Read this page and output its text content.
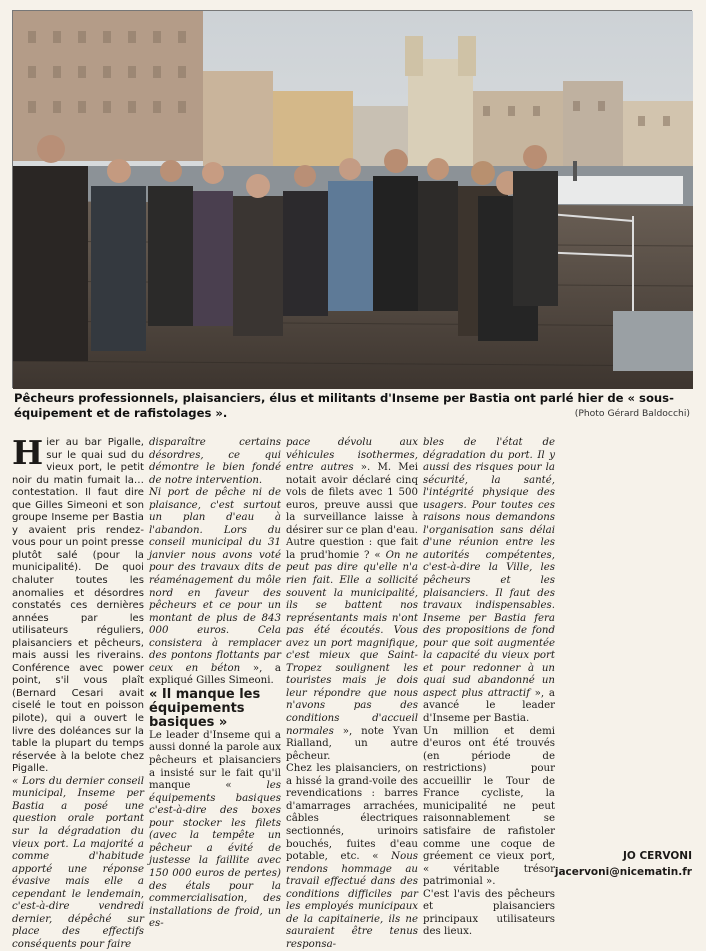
Pêcheurs professionnels, plaisanciers, élus et militants d'Inseme per Bastia ont parlé hier de « sous-équipement et de rafistolages ».	(Photo Gérard Baldocchi)

Hier au bar Pigalle, sur le quai sud du vieux port, le petit noir du matin fumait la… contestation. Il faut dire que Gilles Simeoni et son groupe Inseme per Bastia y avaient pris rendez-vous pour un point presse plutôt salé (pour la municipalité). De quoi chaluter toutes les anomalies et désordres constatés ces dernières années par les utilisateurs réguliers, plaisanciers et pêcheurs, mais aussi les riverains. Conférence avec power point, s'il vous plaît (Bernard Cesari avait ciselé le tout en poisson pilote), qui a ouvert le livre des doléances sur la table la plupart du temps réservée à la belote chez Pigalle.

« Lors du dernier conseil municipal, Inseme per Bastia a posé une question orale portant sur la dégradation du vieux port. La majorité a comme d'habitude apporté une réponse évasive mais elle a cependant le lendemain, c'est-à-dire vendredi dernier, dépêché sur place des effectifs conséquents pour faire

disparaître certains désordres, ce qui démontre le bien fondé de notre intervention.

Ni port de pêche ni de plaisance, c'est surtout un plan d'eau à l'abandon. Lors du conseil municipal du 31 janvier nous avons voté pour des travaux dits de réaménagement du môle nord en faveur des pêcheurs et ce pour un montant de plus de 843 000 euros. Cela consistera à remplacer des pontons flottants par ceux en béton », a expliqué Gilles Simeoni.

« Il manque les équipements basiques »

Le leader d'Inseme qui a aussi donné la parole aux pêcheurs et plaisanciers a insisté sur le fait qu'il manque « les équipements basiques c'est-à-dire des boxes pour stocker les filets (avec la tempête un pêcheur a évité de justesse la faillite avec 150 000 euros de pertes) des étals pour la commercialisation, des installations de froid, un es-

pace dévolu aux véhicules isothermes, entre autres ». M. Mei notait avoir déclaré cinq vols de filets avec 1 500 euros, preuve aussi que la surveillance laisse à désirer sur ce plan d'eau. Autre question : que fait la prud'homie ? « On ne peut pas dire qu'elle n'a rien fait. Elle a sollicité souvent la municipalité, ils se battent nos représentants mais n'ont pas été écoutés. Vous avez un port magnifique, c'est mieux que Saint-Tropez soulignent les touristes mais je dois leur répondre que nous n'avons pas des conditions d'accueil normales », note Yvan Rialland, un autre pêcheur.

Chez les plaisanciers, on a hissé la grand-voile des revendications : barres d'amarrages arrachées, câbles électriques sectionnés, urinoirs bouchés, fuites d'eau potable, etc. « Nous rendons hommage au travail effectué dans des conditions difficiles par les employés municipaux de la capitainerie, ils ne sauraient être tenus responsa-

bles de l'état de dégradation du port. Il y aussi des risques pour la sécurité, la santé, l'intégrité physique des usagers. Pour toutes ces raisons nous demandons l'organisation sans délai d'une réunion entre les autorités compétentes, c'est-à-dire la Ville, les pêcheurs et les plaisanciers. Il faut des travaux indispensables. Inseme per Bastia fera des propositions de fond pour que soit augmentée la capacité du vieux port et pour redonner à un quai sud abandonné un aspect plus attractif », a avancé le leader d'Inseme per Bastia.

Un million et demi d'euros ont été trouvés (en période de restrictions) pour accueillir le Tour de France cycliste, la municipalité ne peut raisonnablement se satisfaire de rafistoler comme une coque de gréement ce vieux port, « véritable trésor patrimonial ».

C'est l'avis des pêcheurs et plaisanciers principaux utilisateurs des lieux.

JO CERVONI
jacervoni@nicematin.fr
